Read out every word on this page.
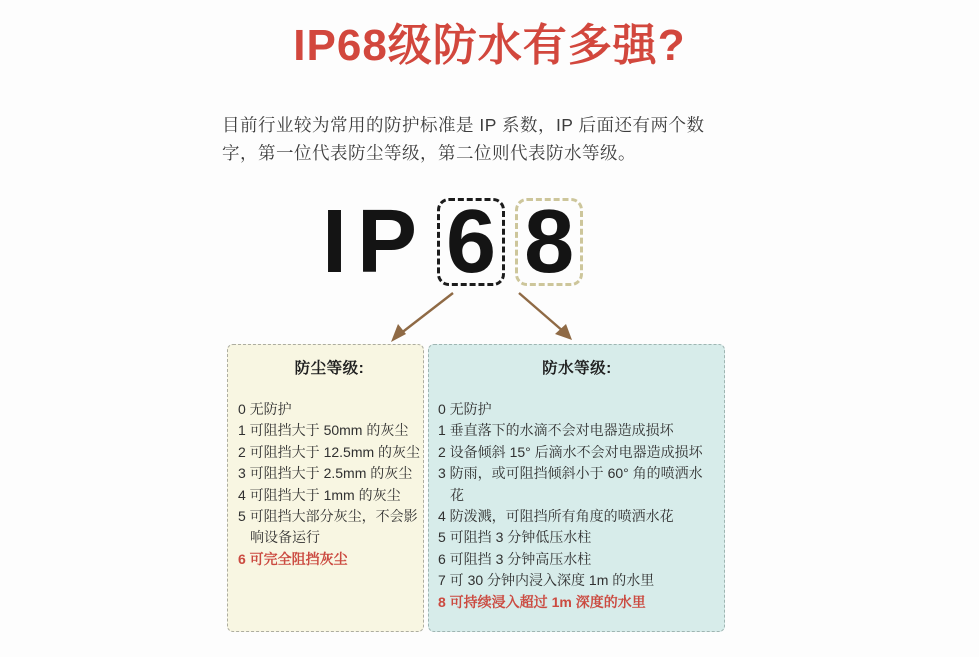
IP68级防水有多强?

目前行业较为常用的防护标准是 IP 系数，IP 后面还有两个数
字，第一位代表防尘等级，第二位则代表防水等级。

I P 6 8
防尘等级:
0 无防护
1 可阻挡大于 50mm 的灰尘
2 可阻挡大于 12.5mm 的灰尘
3 可阻挡大于 2.5mm 的灰尘
4 可阻挡大于 1mm 的灰尘
5 可阻挡大部分灰尘，不会影响设备运行
6 可完全阻挡灰尘
防水等级:
0 无防护
1 垂直落下的水滴不会对电器造成损坏
2 设备倾斜 15° 后滴水不会对电器造成损坏
3 防雨，或可阻挡倾斜小于 60° 角的喷洒水花
4 防泼溅，可阻挡所有角度的喷洒水花
5 可阻挡 3 分钟低压水柱
6 可阻挡 3 分钟高压水柱
7 可 30 分钟内浸入深度 1m 的水里
8 可持续浸入超过 1m 深度的水里
